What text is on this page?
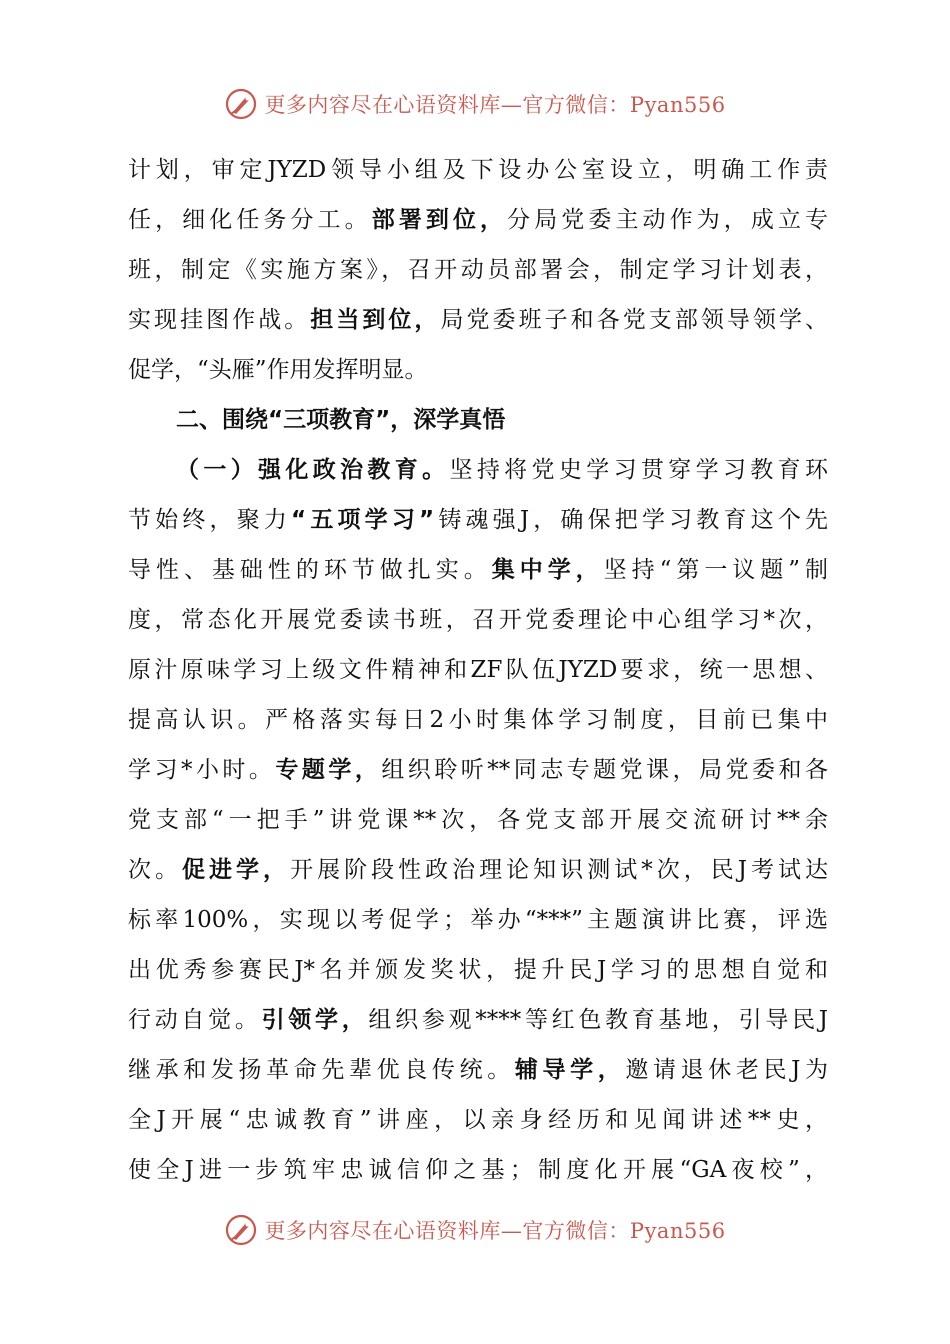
更多内容尽在心语资料库—官方微信：Pyan556
计划，审定JYZD领导小组及下设办公室设立，明确工作责
任，细化任务分工。部署到位，分局党委主动作为，成立专
班，制定《实施方案》，召开动员部署会，制定学习计划表，
实现挂图作战。担当到位，局党委班子和各党支部领导领学、
促学，“头雁”作用发挥明显。
二、围绕“三项教育”，深学真悟
（一）强化政治教育。坚持将党史学习贯穿学习教育环
节始终，聚力“五项学习”铸魂强J，确保把学习教育这个先
导性、基础性的环节做扎实。集中学，坚持“第一议题”制
度，常态化开展党委读书班，召开党委理论中心组学习*次，
原汁原味学习上级文件精神和ZF队伍JYZD要求，统一思想、
提高认识。严格落实每日2小时集体学习制度，目前已集中
学习*小时。专题学，组织聆听**同志专题党课，局党委和各
党支部“一把手”讲党课**次，各党支部开展交流研讨**余
次。促进学，开展阶段性政治理论知识测试*次，民J考试达
标率100%，实现以考促学；举办“***”主题演讲比赛，评选
出优秀参赛民J*名并颁发奖状，提升民J学习的思想自觉和
行动自觉。引领学，组织参观****等红色教育基地，引导民J
继承和发扬革命先辈优良传统。辅导学，邀请退休老民J为
全J开展“忠诚教育”讲座，以亲身经历和见闻讲述**史，
使全J进一步筑牢忠诚信仰之基；制度化开展“GA夜校”，
更多内容尽在心语资料库—官方微信：Pyan556
